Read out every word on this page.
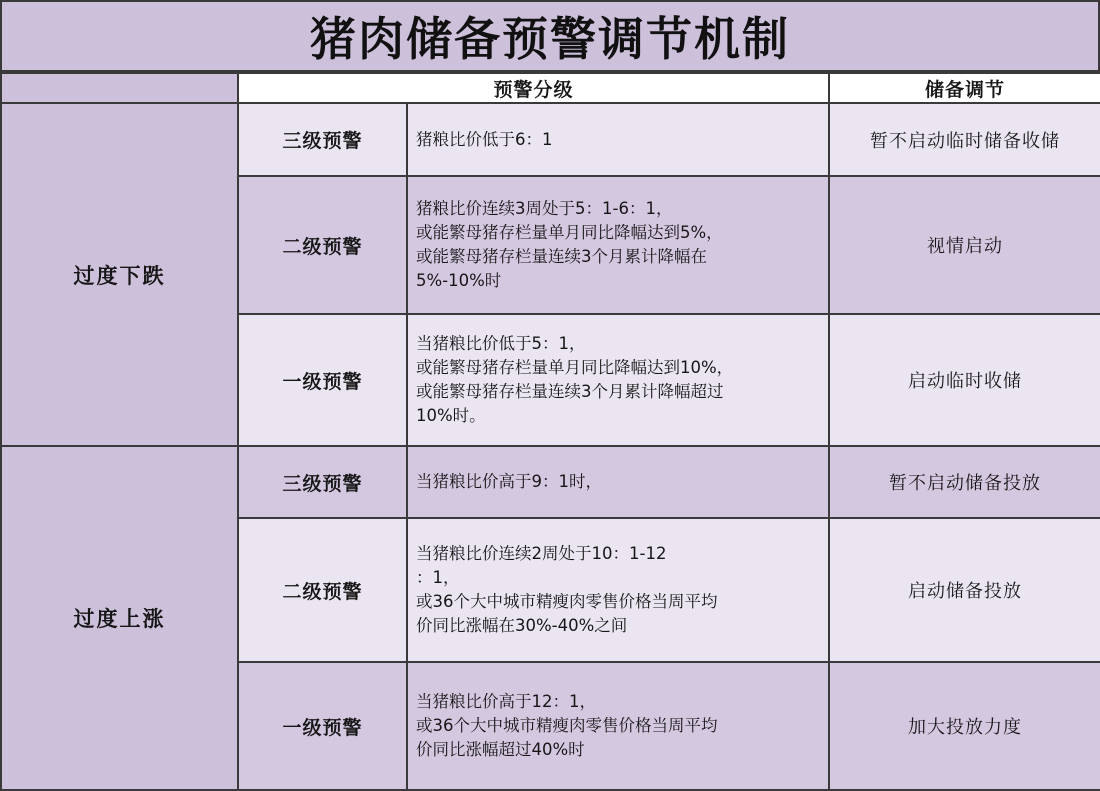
猪肉储备预警调节机制
	预警分级		储备调节
过度下跌	三级预警	猪粮比价低于6：1	暂不启动临时储备收储
	二级预警	猪粮比价连续3周处于5：1-6：1，
或能繁母猪存栏量单月同比降幅达到5%，
或能繁母猪存栏量连续3个月累计降幅在
5%-10%时	视情启动
	一级预警	当猪粮比价低于5：1，
或能繁母猪存栏量单月同比降幅达到10%，
或能繁母猪存栏量连续3个月累计降幅超过
10%时。	启动临时收储
过度上涨	三级预警	当猪粮比价高于9：1时，	暂不启动储备投放
	二级预警	当猪粮比价连续2周处于10：1-12
：1，
或36个大中城市精瘦肉零售价格当周平均
价同比涨幅在30%-40%之间	启动储备投放
	一级预警	当猪粮比价高于12：1，
或36个大中城市精瘦肉零售价格当周平均
价同比涨幅超过40%时	加大投放力度
